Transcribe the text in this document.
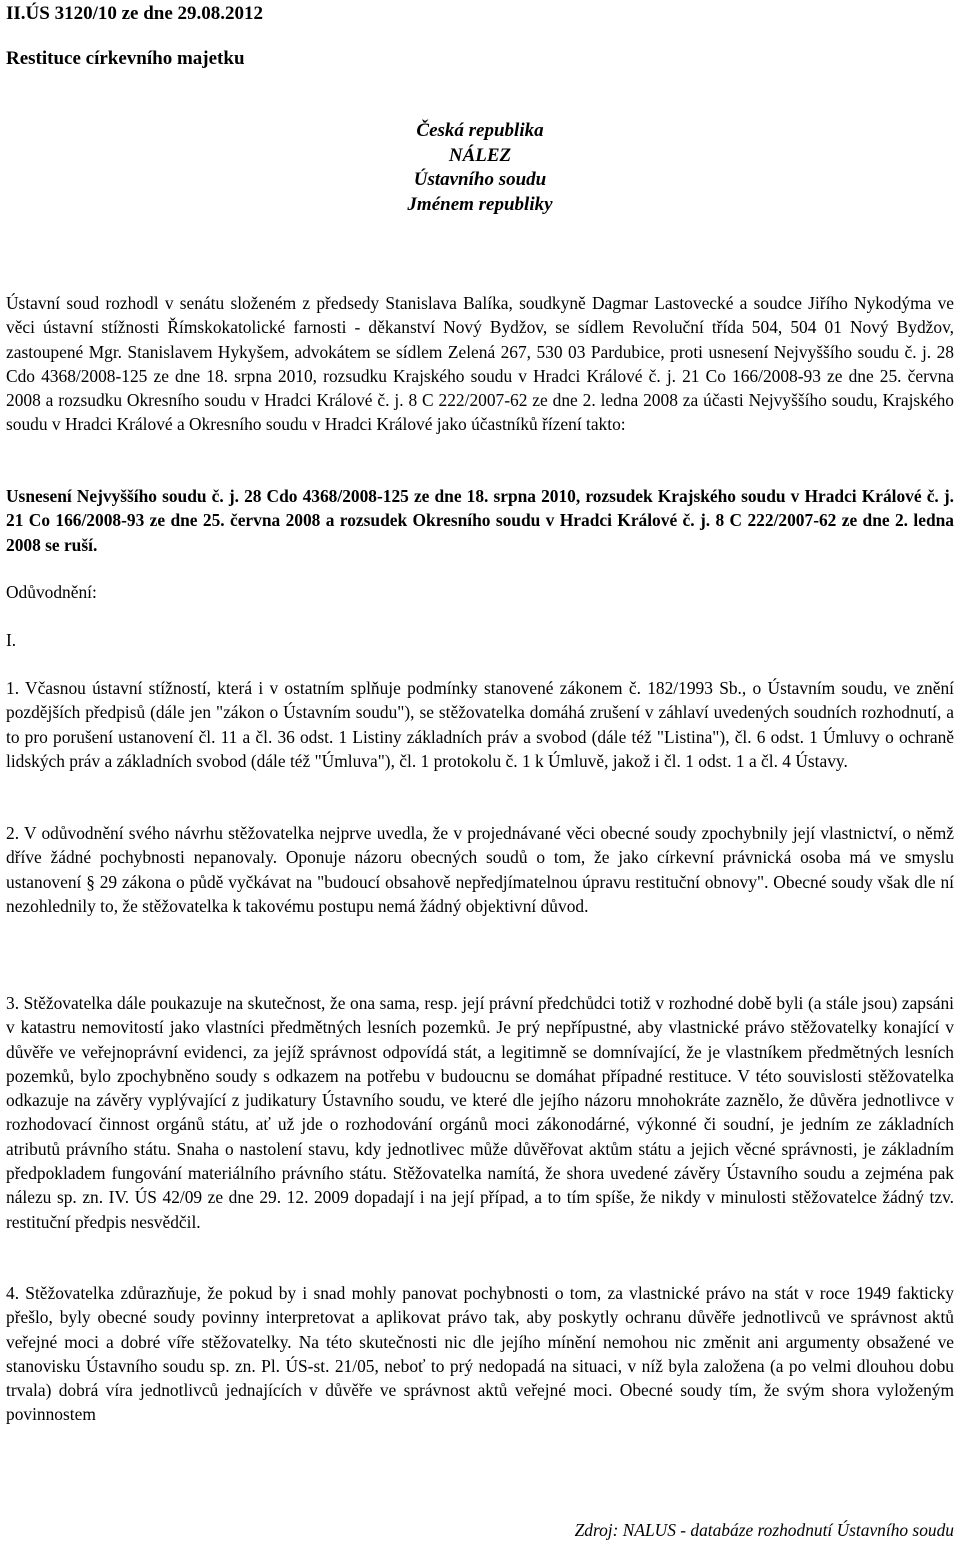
II.ÚS 3120/10 ze dne 29.08.2012
Restituce církevního majetku
Česká republika
NÁLEZ
Ústavního soudu
Jménem republiky
Ústavní soud rozhodl v senátu složeném z předsedy Stanislava Balíka, soudkyně Dagmar Lastovecké a soudce Jiřího Nykodýma ve věci ústavní stížnosti Římskokatolické farnosti - děkanství Nový Bydžov, se sídlem Revoluční třída 504, 504 01 Nový Bydžov, zastoupené Mgr. Stanislavem Hykyšem, advokátem se sídlem Zelená 267, 530 03 Pardubice, proti usnesení Nejvyššího soudu č. j. 28 Cdo 4368/2008-125 ze dne 18. srpna 2010, rozsudku Krajského soudu v Hradci Králové č. j. 21 Co 166/2008-93 ze dne 25. června 2008 a rozsudku Okresního soudu v Hradci Králové č. j. 8 C 222/2007-62 ze dne 2. ledna 2008 za účasti Nejvyššího soudu, Krajského soudu v Hradci Králové a Okresního soudu v Hradci Králové jako účastníků řízení takto:
Usnesení Nejvyššího soudu č. j. 28 Cdo 4368/2008-125 ze dne 18. srpna 2010, rozsudek Krajského soudu v Hradci Králové č. j. 21 Co 166/2008-93 ze dne 25. června 2008 a rozsudek Okresního soudu v Hradci Králové č. j. 8 C 222/2007-62 ze dne 2. ledna 2008 se ruší.
Odůvodnění:
I.
1. Včasnou ústavní stížností, která i v ostatním splňuje podmínky stanovené zákonem č. 182/1993 Sb., o Ústavním soudu, ve znění pozdějších předpisů (dále jen "zákon o Ústavním soudu"), se stěžovatelka domáhá zrušení v záhlaví uvedených soudních rozhodnutí, a to pro porušení ustanovení čl. 11 a čl. 36 odst. 1 Listiny základních práv a svobod (dále též "Listina"), čl. 6 odst. 1 Úmluvy o ochraně lidských práv a základních svobod (dále též "Úmluva"), čl. 1 protokolu č. 1 k Úmluvě, jakož i čl. 1 odst. 1 a čl. 4 Ústavy.
2. V odůvodnění svého návrhu stěžovatelka nejprve uvedla, že v projednávané věci obecné soudy zpochybnily její vlastnictví, o němž dříve žádné pochybnosti nepanovaly. Oponuje názoru obecných soudů o tom, že jako církevní právnická osoba má ve smyslu ustanovení § 29 zákona o půdě vyčkávat na "budoucí obsahově nepředjímatelnou úpravu restituční obnovy". Obecné soudy však dle ní nezohlednily to, že stěžovatelka k takovému postupu nemá žádný objektivní důvod.
3. Stěžovatelka dále poukazuje na skutečnost, že ona sama, resp. její právní předchůdci totiž v rozhodné době byli (a stále jsou) zapsáni v katastru nemovitostí jako vlastníci předmětných lesních pozemků. Je prý nepřípustné, aby vlastnické právo stěžovatelky konající v důvěře ve veřejnoprávní evidenci, za jejíž správnost odpovídá stát, a legitimně se domnívající, že je vlastníkem předmětných lesních pozemků, bylo zpochybněno soudy s odkazem na potřebu v budoucnu se domáhat případné restituce. V této souvislosti stěžovatelka odkazuje na závěry vyplývající z judikatury Ústavního soudu, ve které dle jejího názoru mnohokráte zaznělo, že důvěra jednotlivce v rozhodovací činnost orgánů státu, ať už jde o rozhodování orgánů moci zákonodárné, výkonné či soudní, je jedním ze základních atributů právního státu. Snaha o nastolení stavu, kdy jednotlivec může důvěřovat aktům státu a jejich věcné správnosti, je základním předpokladem fungování materiálního právního státu. Stěžovatelka namítá, že shora uvedené závěry Ústavního soudu a zejména pak nálezu sp. zn. IV. ÚS 42/09 ze dne 29. 12. 2009 dopadají i na její případ, a to tím spíše, že nikdy v minulosti stěžovatelce žádný tzv. restituční předpis nesvědčil.
4. Stěžovatelka zdůrazňuje, že pokud by i snad mohly panovat pochybnosti o tom, za vlastnické právo na stát v roce 1949 fakticky přešlo, byly obecné soudy povinny interpretovat a aplikovat právo tak, aby poskytly ochranu důvěře jednotlivců ve správnost aktů veřejné moci a dobré víře stěžovatelky. Na této skutečnosti nic dle jejího mínění nemohou nic změnit ani argumenty obsažené ve stanovisku Ústavního soudu sp. zn. Pl. ÚS-st. 21/05, neboť to prý nedopadá na situaci, v níž byla založena (a po velmi dlouhou dobu trvala) dobrá víra jednotlivců jednajících v důvěře ve správnost aktů veřejné moci. Obecné soudy tím, že svým shora vyloženým povinnostem
Zdroj: NALUS - databáze rozhodnutí Ústavního soudu
